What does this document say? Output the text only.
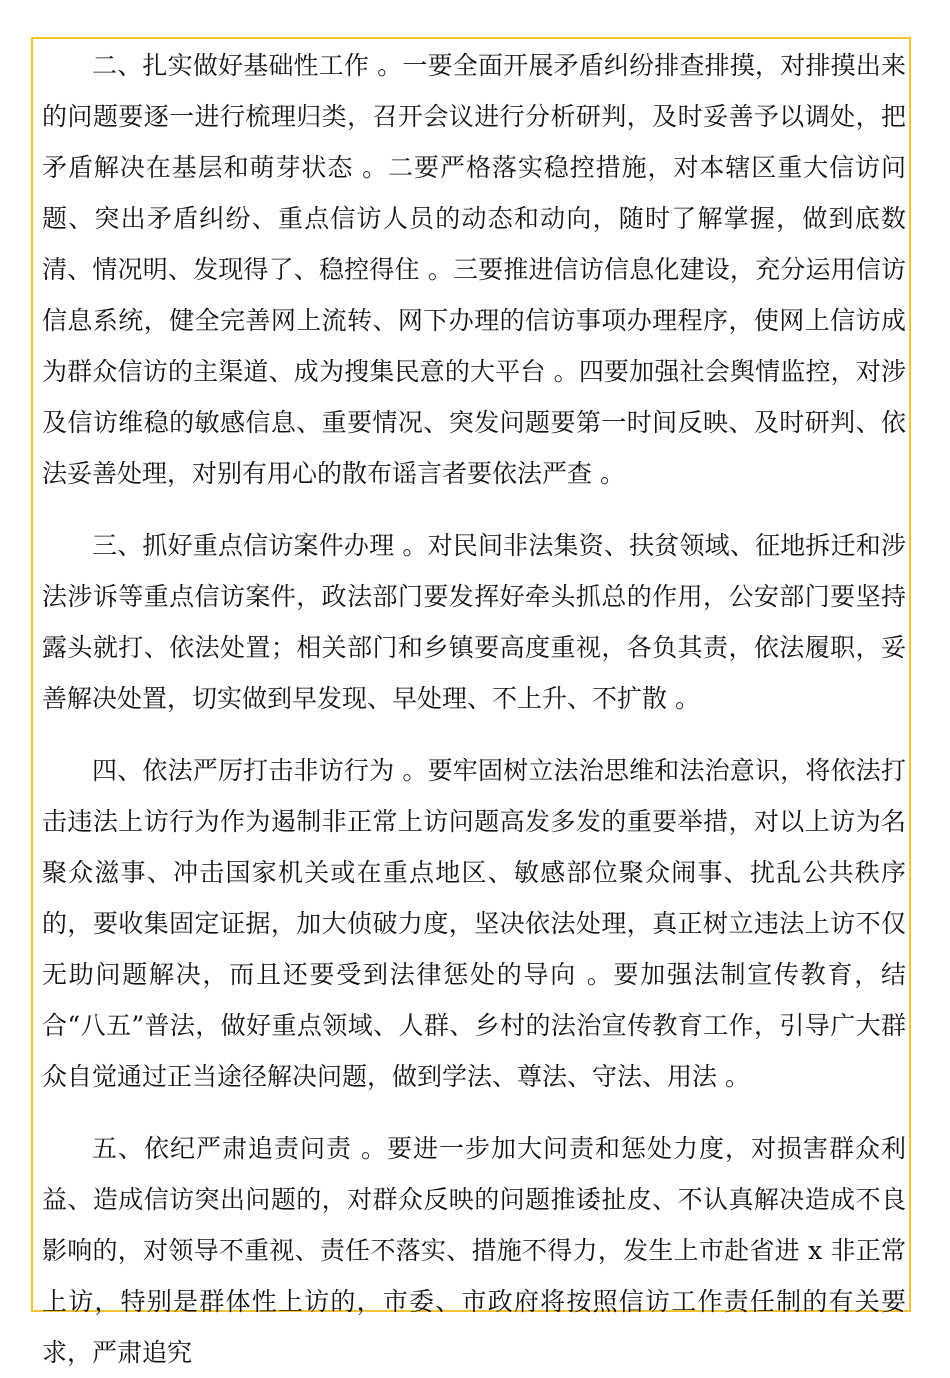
二、扎实做好基础性工作 。一要全面开展矛盾纠纷排查排摸，对排摸出来的问题要逐一进行梳理归类，召开会议进行分析研判，及时妥善予以调处，把矛盾解决在基层和萌芽状态 。二要严格落实稳控措施，对本辖区重大信访问题、突出矛盾纠纷、重点信访人员的动态和动向，随时了解掌握，做到底数清、情况明、发现得了、稳控得住 。三要推进信访信息化建设，充分运用信访信息系统，健全完善网上流转、网下办理的信访事项办理程序，使网上信访成为群众信访的主渠道、成为搜集民意的大平台 。四要加强社会舆情监控，对涉及信访维稳的敏感信息、重要情况、突发问题要第一时间反映、及时研判、依法妥善处理，对别有用心的散布谣言者要依法严查 。

三、抓好重点信访案件办理 。对民间非法集资、扶贫领域、征地拆迁和涉法涉诉等重点信访案件，政法部门要发挥好牵头抓总的作用，公安部门要坚持露头就打、依法处置；相关部门和乡镇要高度重视，各负其责，依法履职，妥善解决处置，切实做到早发现、早处理、不上升、不扩散 。

四、依法严厉打击非访行为 。要牢固树立法治思维和法治意识，将依法打击违法上访行为作为遏制非正常上访问题高发多发的重要举措，对以上访为名聚众滋事、冲击国家机关或在重点地区、敏感部位聚众闹事、扰乱公共秩序的，要收集固定证据，加大侦破力度，坚决依法处理，真正树立违法上访不仅无助问题解决，而且还要受到法律惩处的导向 。要加强法制宣传教育，结合“八五”普法，做好重点领域、人群、乡村的法治宣传教育工作，引导广大群众自觉通过正当途径解决问题，做到学法、尊法、守法、用法 。

五、依纪严肃追责问责 。要进一步加大问责和惩处力度，对损害群众利益、造成信访突出问题的，对群众反映的问题推诿扯皮、不认真解决造成不良影响的，对领导不重视、责任不落实、措施不得力，发生上市赴省进 x 非正常上访，特别是群体性上访的，市委、市政府将按照信访工作责任制的有关要求，严肃追究
